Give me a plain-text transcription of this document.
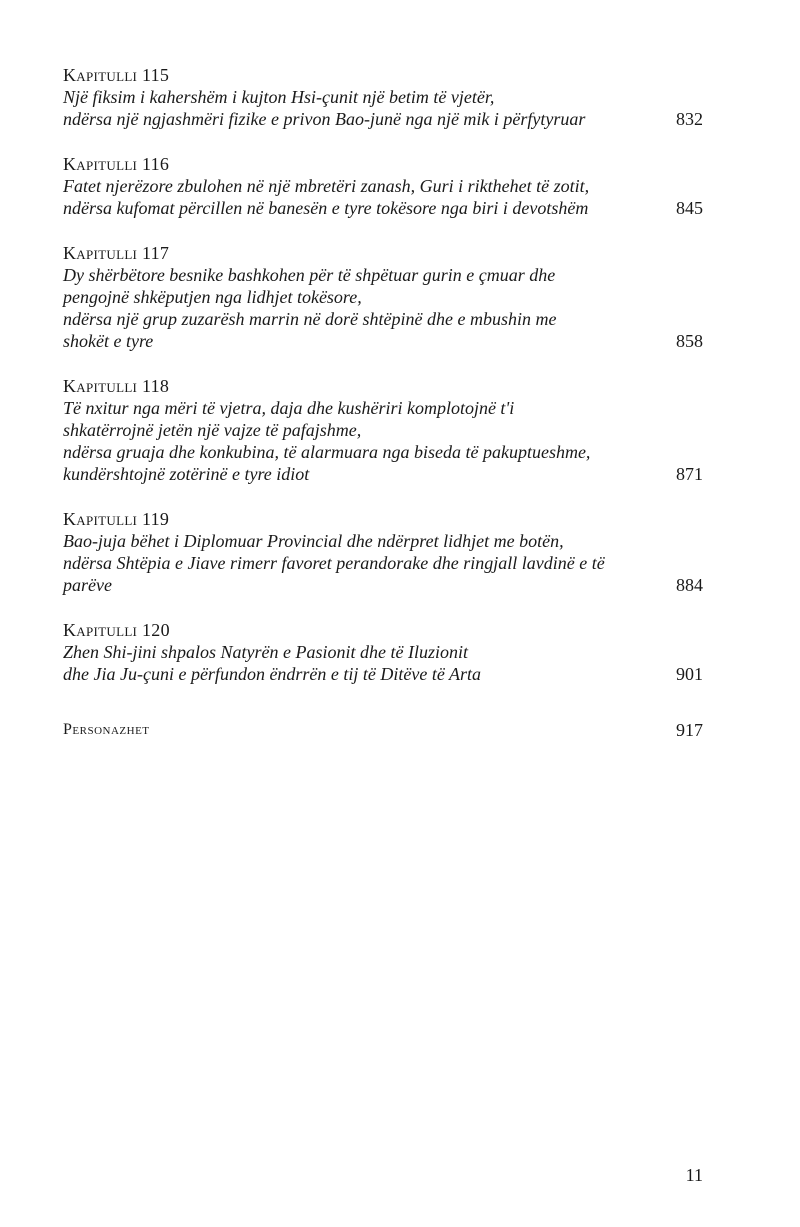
Kapitulli 115
Një fiksim i kahershëm i kujton Hsi-çunit një betim të vjetër,
ndërsa një ngjashmëri fizike e privon Bao-junë nga një mik i përfytyruar	832
Kapitulli 116
Fatet njerëzore zbulohen në një mbretëri zanash, Guri i rikthehet të zotit,
ndërsa kufomat përcillen në banesën e tyre tokësore nga biri i devotshëm	845
Kapitulli 117
Dy shërbëtore besnike bashkohen për të shpëtuar gurin e çmuar dhe
pengojnë shkëputjen nga lidhjet tokësore,
ndërsa një grup zuzarësh marrin në dorë shtëpinë dhe e mbushin me
shokët e tyre	858
Kapitulli 118
Të nxitur nga mëri të vjetra, daja dhe kushëriri komplotojnë t'i
shkatërrojnë jetën një vajze të pafajshme,
ndërsa gruaja dhe konkubina, të alarmuara nga biseda të pakuptueshme,
kundërshtojnë zotërinë e tyre idiot	871
Kapitulli 119
Bao-juja bëhet i Diplomuar Provincial dhe ndërpret lidhjet me botën,
ndërsa Shtëpia e Jiave rimerr favoret perandorake dhe ringjall lavdinë e të
parëve	884
Kapitulli 120
Zhen Shi-jini shpalos Natyrën e Pasionit dhe të Iluzionit
dhe Jia Ju-çuni e përfundon ëndrrën e tij të Ditëve të Arta	901
Personazhet	917
11
